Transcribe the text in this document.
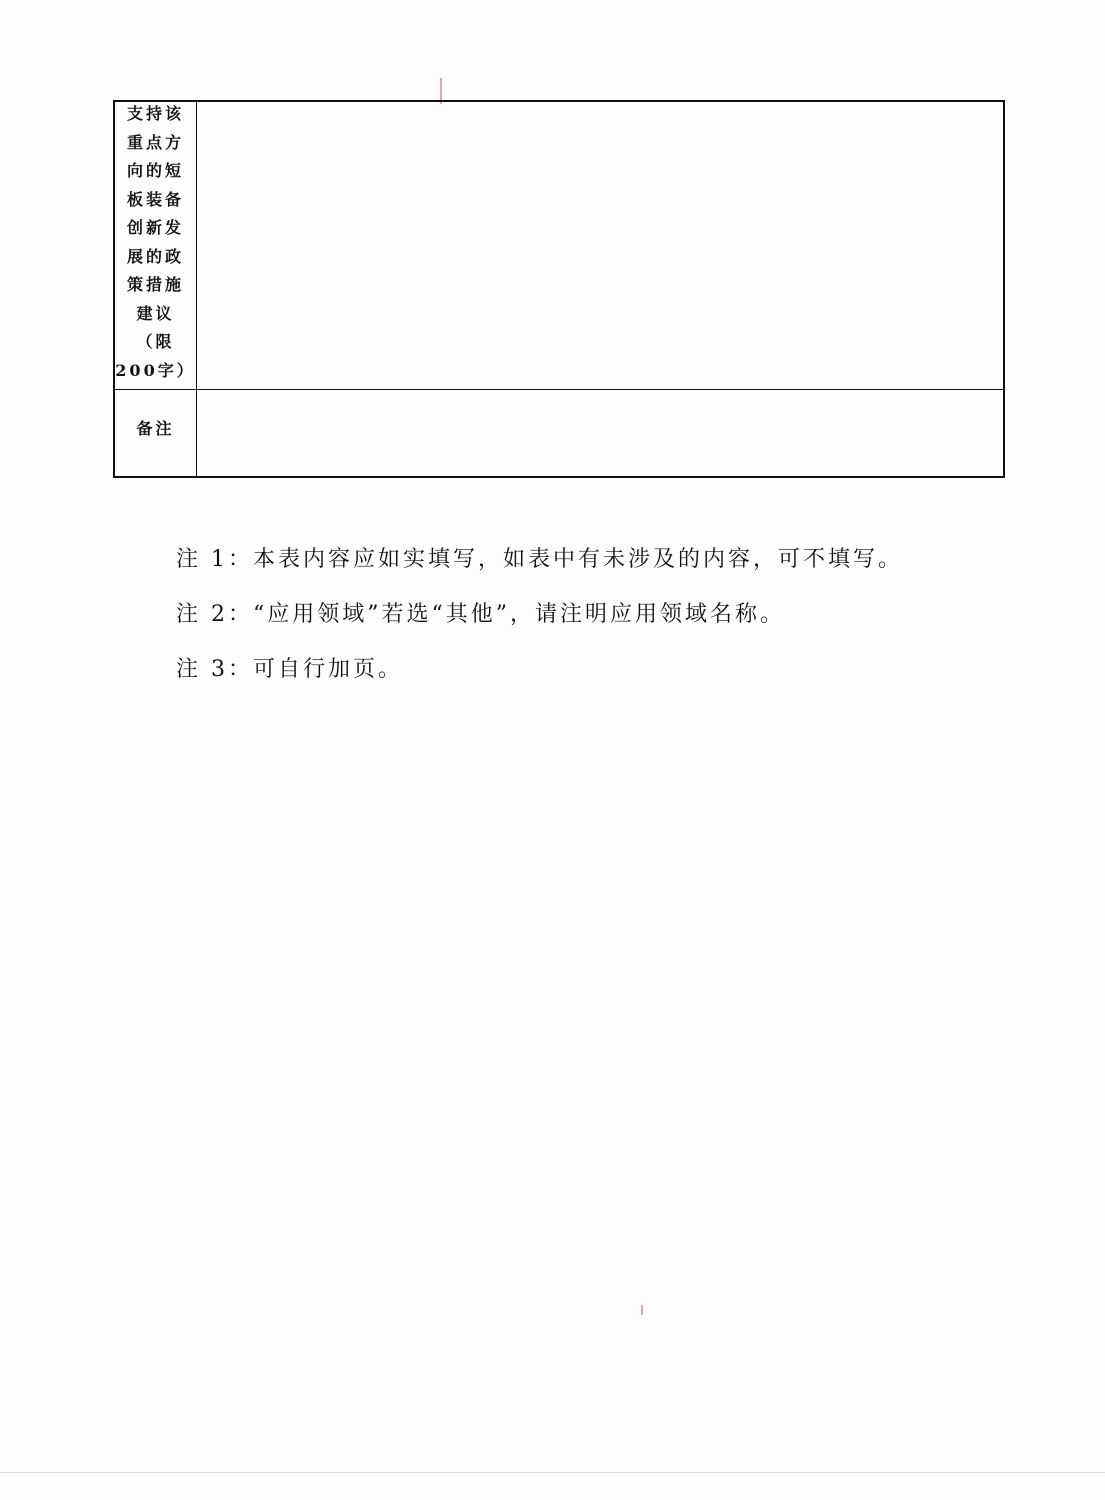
支持该
重点方
向的短
板装备
创新发
展的政
策措施
建议
（限
200字）
备注
注 1：本表内容应如实填写，如表中有未涉及的内容，可不填写。
注 2：“应用领域”若选“其他”，请注明应用领域名称。
注 3：可自行加页。
